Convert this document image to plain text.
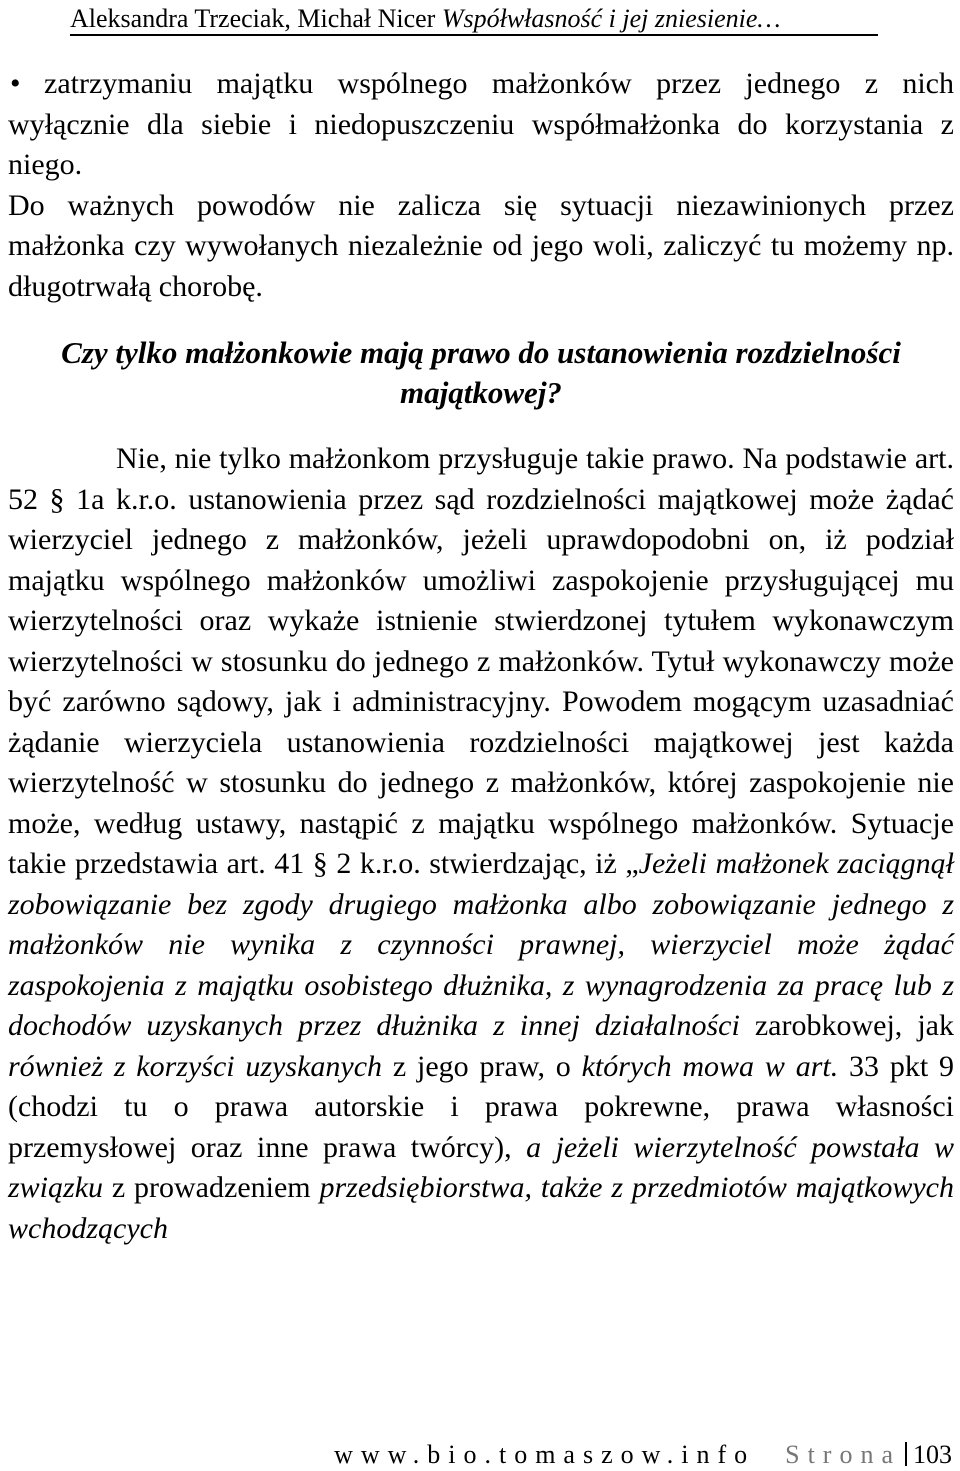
Aleksandra Trzeciak, Michał Nicer Współwłasność i jej zniesienie…

• zatrzymaniu majątku wspólnego małżonków przez jednego z nich wyłącznie dla siebie i niedopuszczeniu współmałżonka do korzystania z niego.

Do ważnych powodów nie zalicza się sytuacji niezawinionych przez małżonka czy wywołanych niezależnie od jego woli, zaliczyć tu możemy np. długotrwałą chorobę.

Czy tylko małżonkowie mają prawo do ustanowienia rozdzielności majątkowej?

Nie, nie tylko małżonkom przysługuje takie prawo. Na podstawie art. 52 § 1a k.r.o. ustanowienia przez sąd rozdzielności majątkowej może żądać wierzyciel jednego z małżonków, jeżeli uprawdopodobni on, iż podział majątku wspólnego małżonków umożliwi zaspokojenie przysługującej mu wierzytelności oraz wykaże istnienie stwierdzonej tytułem wykonawczym wierzytelności w stosunku do jednego z małżonków. Tytuł wykonawczy może być zarówno sądowy, jak i administracyjny. Powodem mogącym uzasadniać żądanie wierzyciela ustanowienia rozdzielności majątkowej jest każda wierzytelność w stosunku do jednego z małżonków, której zaspokojenie nie może, według ustawy, nastąpić z majątku wspólnego małżonków. Sytuacje takie przedstawia art. 41 § 2 k.r.o. stwierdzając, iż „Jeżeli małżonek zaciągnął zobowiązanie bez zgody drugiego małżonka albo zobowiązanie jednego z małżonków nie wynika z czynności prawnej, wierzyciel może żądać zaspokojenia z majątku osobistego dłużnika, z wynagrodzenia za pracę lub z dochodów uzyskanych przez dłużnika z innej działalności zarobkowej, jak również z korzyści uzyskanych z jego praw, o których mowa w art. 33 pkt 9 (chodzi tu o prawa autorskie i prawa pokrewne, prawa własności przemysłowej oraz inne prawa twórcy), a jeżeli wierzytelność powstała w związku z prowadzeniem przedsiębiorstwa, także z przedmiotów majątkowych wchodzących

www.bio.tomaszow.info Strona 103
